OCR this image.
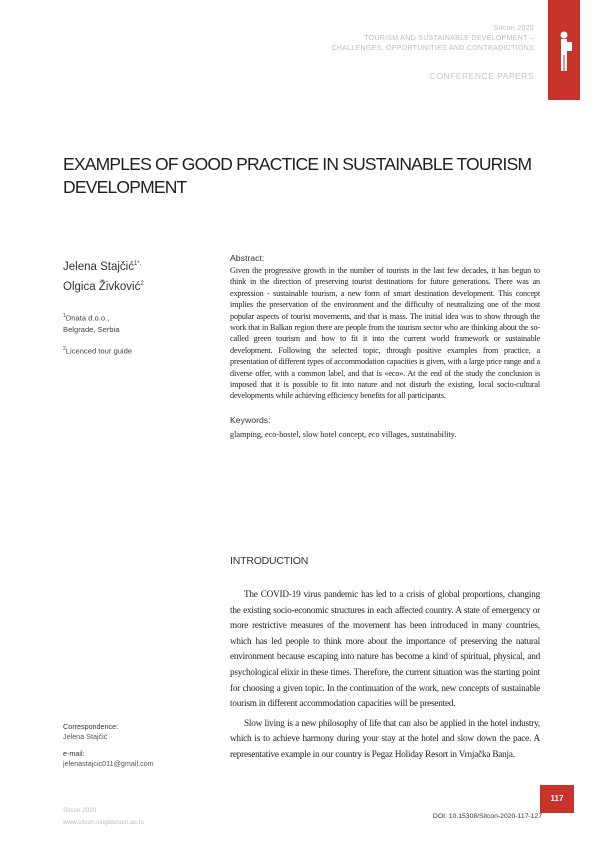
Sitcon 2020
TOURISM AND SUSTAINABLE DEVELOPMENT –
CHALLENGES, OPPORTUNITIES AND CONTRADICTIONS
CONFERENCE PAPERS
EXAMPLES OF GOOD PRACTICE IN SUSTAINABLE TOURISM DEVELOPMENT
Jelena Stajčić$^{1*,}$
Olgica Živković$^2$
$^1$Dnata d.o.o.,
Belgrade, Serbia
$^2$Licenced tour guide
Abstract:
Given the progressive growth in the number of tourists in the last few decades, it has begun to think in the direction of preserving tourist destinations for future generations. There was an expression - sustainable tourism, a new form of smart destination development. This concept implies the preservation of the environment and the difficulty of neutralizing one of the most popular aspects of tourist movements, and that is mass. The initial idea was to show through the work that in Balkan region there are people from the tourism sector who are thinking about the so-called green tourism and how to fit it into the current world framework or sustainable development. Following the selected topic, through positive examples from practice, a presentation of different types of accommodation capacities is given, with a large price range and a diverse offer, with a common label, and that is «eco». At the end of the study the conclusion is imposed that it is possible to fit into nature and not disturb the existing, local socio-cultural developments while achieving efficiency benefits for all participants.
Keywords:
glamping, eco-hostel, slow hotel concept, eco villages, sustainability.
INTRODUCTION

The COVID-19 virus pandemic has led to a crisis of global proportions, changing the existing socio-economic structures in each affected country. A state of emergency or more restrictive measures of the movement has been introduced in many countries, which has led people to think more about the importance of preserving the natural environment because escaping into nature has become a kind of spiritual, physical, and psychological elixir in these times. Therefore, the current situation was the starting point for choosing a given topic. In the continuation of the work, new concepts of sustainable tourism in different accommodation capacities will be presented.

Slow living is a new philosophy of life that can also be applied in the hotel industry, which is to achieve harmony during your stay at the hotel and slow down the pace. A representative example in our country is Pegaz Holiday Resort in Vrnjačka Banja.

Correspondence:
Jelena Stajčić
e-mail:
jelenastajcic011@gmail.com
Sitcon 2020
www.sitcon.singidunum.ac.rs
117
DOI: 10.15308/Sitcon-2020-117-127
